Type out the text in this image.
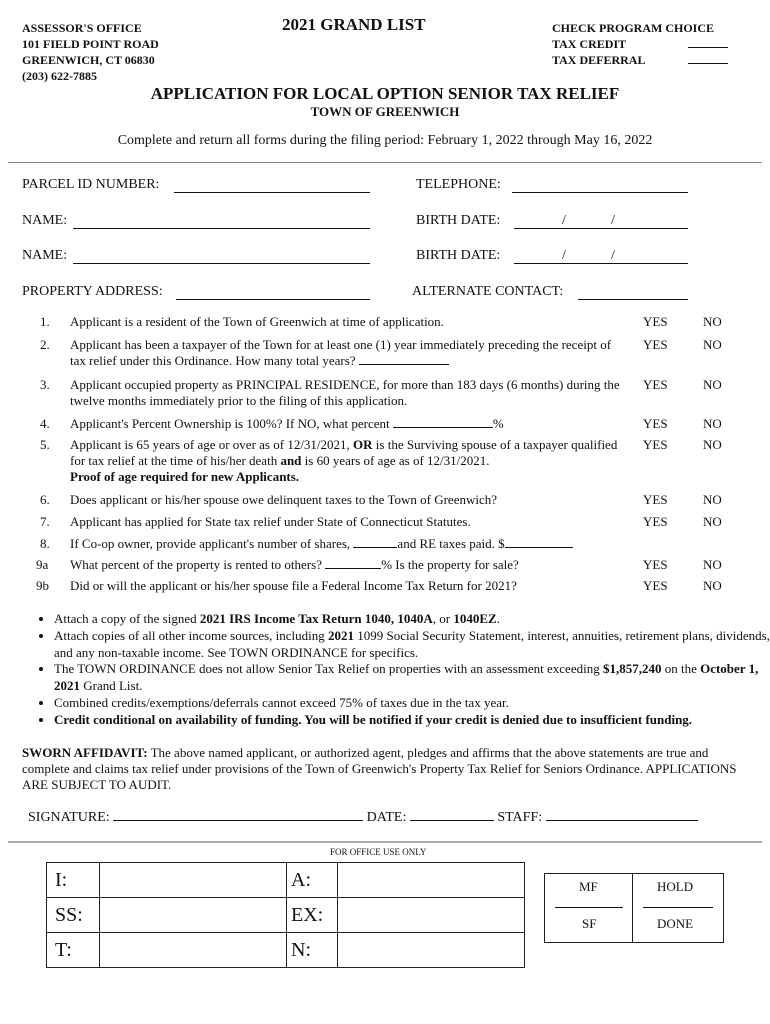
ASSESSOR'S OFFICE
101 FIELD POINT ROAD
GREENWICH, CT 06830
(203) 622-7885
2021 GRAND LIST	CHECK PROGRAM CHOICE
TAX CREDIT
TAX DEFERRAL
APPLICATION FOR LOCAL OPTION SENIOR TAX RELIEF
TOWN OF GREENWICH
Complete and return all forms during the filing period: February 1, 2022 through May 16, 2022
PARCEL ID NUMBER:	TELEPHONE:
NAME:	BIRTH DATE:	/	/
NAME:	BIRTH DATE:	/	/
PROPERTY ADDRESS:	ALTERNATE CONTACT:
1.	Applicant is a resident of the Town of Greenwich at time of application.	YES	NO
2.	Applicant has been a taxpayer of the Town for at least one (1) year immediately preceding the receipt of tax relief under this Ordinance. How many total years?
YES	NO
3.	Applicant occupied property as PRINCIPAL RESIDENCE, for more than 183 days (6 months) during the twelve months immediately prior to the filing of this application.
YES	NO
4.	Applicant's Percent Ownership is 100%? If NO, what percent	%	YES	NO
5.	Applicant is 65 years of age or over as of 12/31/2021, OR is the Surviving spouse of a taxpayer qualified for tax relief at the time of his/her death and is 60 years of age as of 12/31/2021.
Proof of age required for new Applicants.
YES	NO
6.	Does applicant or his/her spouse owe delinquent taxes to the Town of Greenwich?	YES	NO
7.	Applicant has applied for State tax relief under State of Connecticut Statutes.	YES	NO
8.	If Co-op owner, provide applicant's number of shares,	and RE taxes paid. $
9a	What percent of the property is rented to others?	% Is the property for sale?	YES	NO
9b	Did or will the applicant or his/her spouse file a Federal Income Tax Return for 2021?	YES	NO
• Attach a copy of the signed 2021 IRS Income Tax Return 1040, 1040A, or 1040EZ.
• Attach copies of all other income sources, including 2021 1099 Social Security Statement, interest, annuities, retirement plans, dividends, and any non-taxable income. See TOWN ORDINANCE for specifics.
• The TOWN ORDINANCE does not allow Senior Tax Relief on properties with an assessment exceeding $1,857,240 on the October 1, 2021 Grand List.
• Combined credits/exemptions/deferrals cannot exceed 75% of taxes due in the tax year.
• Credit conditional on availability of funding. You will be notified if your credit is denied due to insufficient funding.
SWORN AFFIDAVIT: The above named applicant, or authorized agent, pledges and affirms that the above statements are true and complete and claims tax relief under provisions of the Town of Greenwich's Property Tax Relief for Seniors Ordinance. APPLICATIONS ARE SUBJECT TO AUDIT.
SIGNATURE:	DATE:	STAFF:
FOR OFFICE USE ONLY
I:		A:	
SS:		EX:	
T:		N:	
MF	HOLD
SF	DONE
